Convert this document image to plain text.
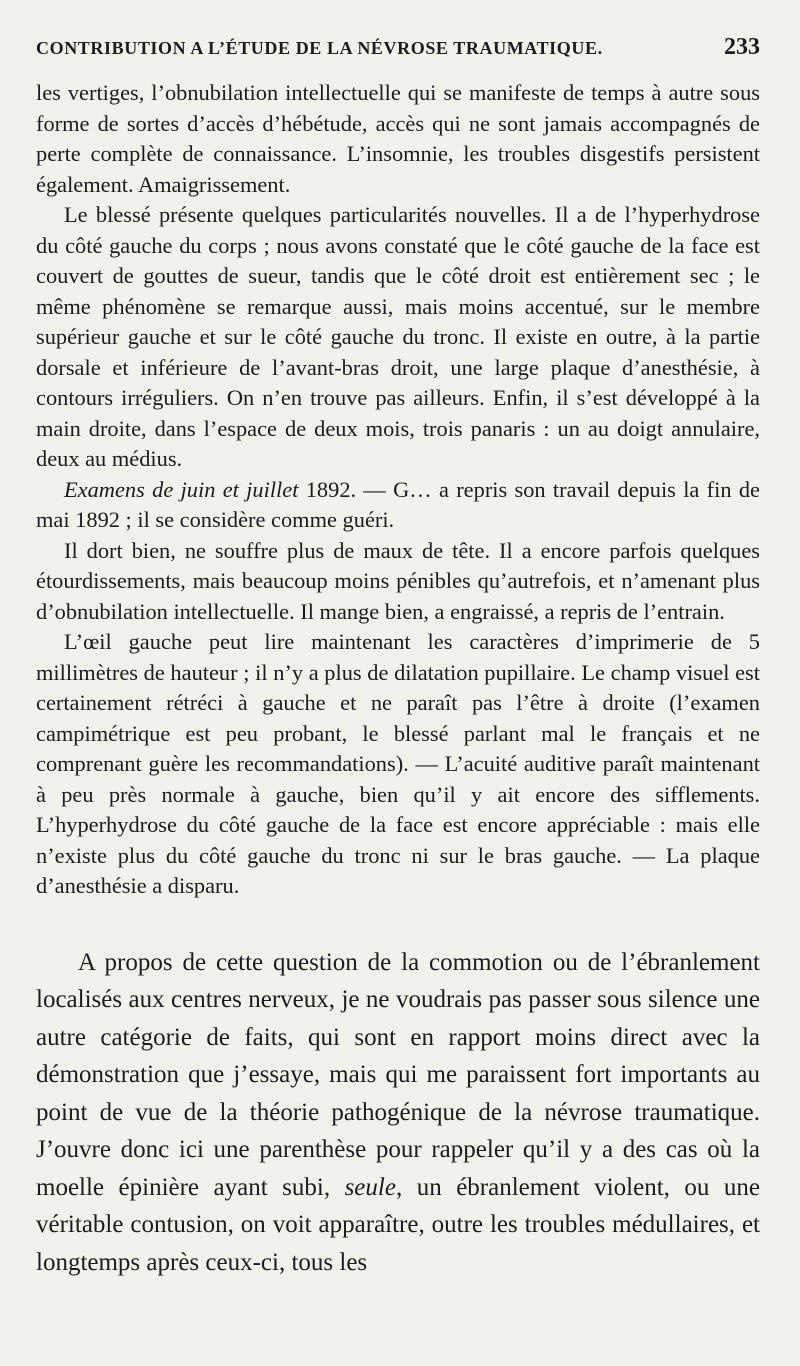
CONTRIBUTION A L’ÉTUDE DE LA NÉVROSE TRAUMATIQUE.	233

les vertiges, l’obnubilation intellectuelle qui se manifeste de temps à autre sous forme de sortes d’accès d’hébétude, accès qui ne sont jamais accompagnés de perte complète de connaissance. L’insomnie, les troubles disgestifs persistent également. Amaigrissement.

Le blessé présente quelques particularités nouvelles. Il a de l’hyperhydrose du côté gauche du corps ; nous avons constaté que le côté gauche de la face est couvert de gouttes de sueur, tandis que le côté droit est entièrement sec ; le même phénomène se remarque aussi, mais moins accentué, sur le membre supérieur gauche et sur le côté gauche du tronc. Il existe en outre, à la partie dorsale et inférieure de l’avant-bras droit, une large plaque d’anesthésie, à contours irréguliers. On n’en trouve pas ailleurs. Enfin, il s’est développé à la main droite, dans l’espace de deux mois, trois panaris : un au doigt annulaire, deux au médius.

Examens de juin et juillet 1892. — G… a repris son travail depuis la fin de mai 1892 ; il se considère comme guéri.

Il dort bien, ne souffre plus de maux de tête. Il a encore parfois quelques étourdissements, mais beaucoup moins pénibles qu’autrefois, et n’amenant plus d’obnubilation intellectuelle. Il mange bien, a engraissé, a repris de l’entrain.

L’œil gauche peut lire maintenant les caractères d’imprimerie de 5 millimètres de hauteur ; il n’y a plus de dilatation pupillaire. Le champ visuel est certainement rétréci à gauche et ne paraît pas l’être à droite (l’examen campimétrique est peu probant, le blessé parlant mal le français et ne comprenant guère les recommandations). — L’acuité auditive paraît maintenant à peu près normale à gauche, bien qu’il y ait encore des sifflements. L’hyperhydrose du côté gauche de la face est encore appréciable : mais elle n’existe plus du côté gauche du tronc ni sur le bras gauche. — La plaque d’anesthésie a disparu.

A propos de cette question de la commotion ou de l’ébranlement localisés aux centres nerveux, je ne voudrais pas passer sous silence une autre catégorie de faits, qui sont en rapport moins direct avec la démonstration que j’essaye, mais qui me paraissent fort importants au point de vue de la théorie pathogénique de la névrose traumatique. J’ouvre donc ici une parenthèse pour rappeler qu’il y a des cas où la moelle épinière ayant subi, seule, un ébranlement violent, ou une véritable contusion, on voit apparaître, outre les troubles médullaires, et longtemps après ceux-ci, tous les
